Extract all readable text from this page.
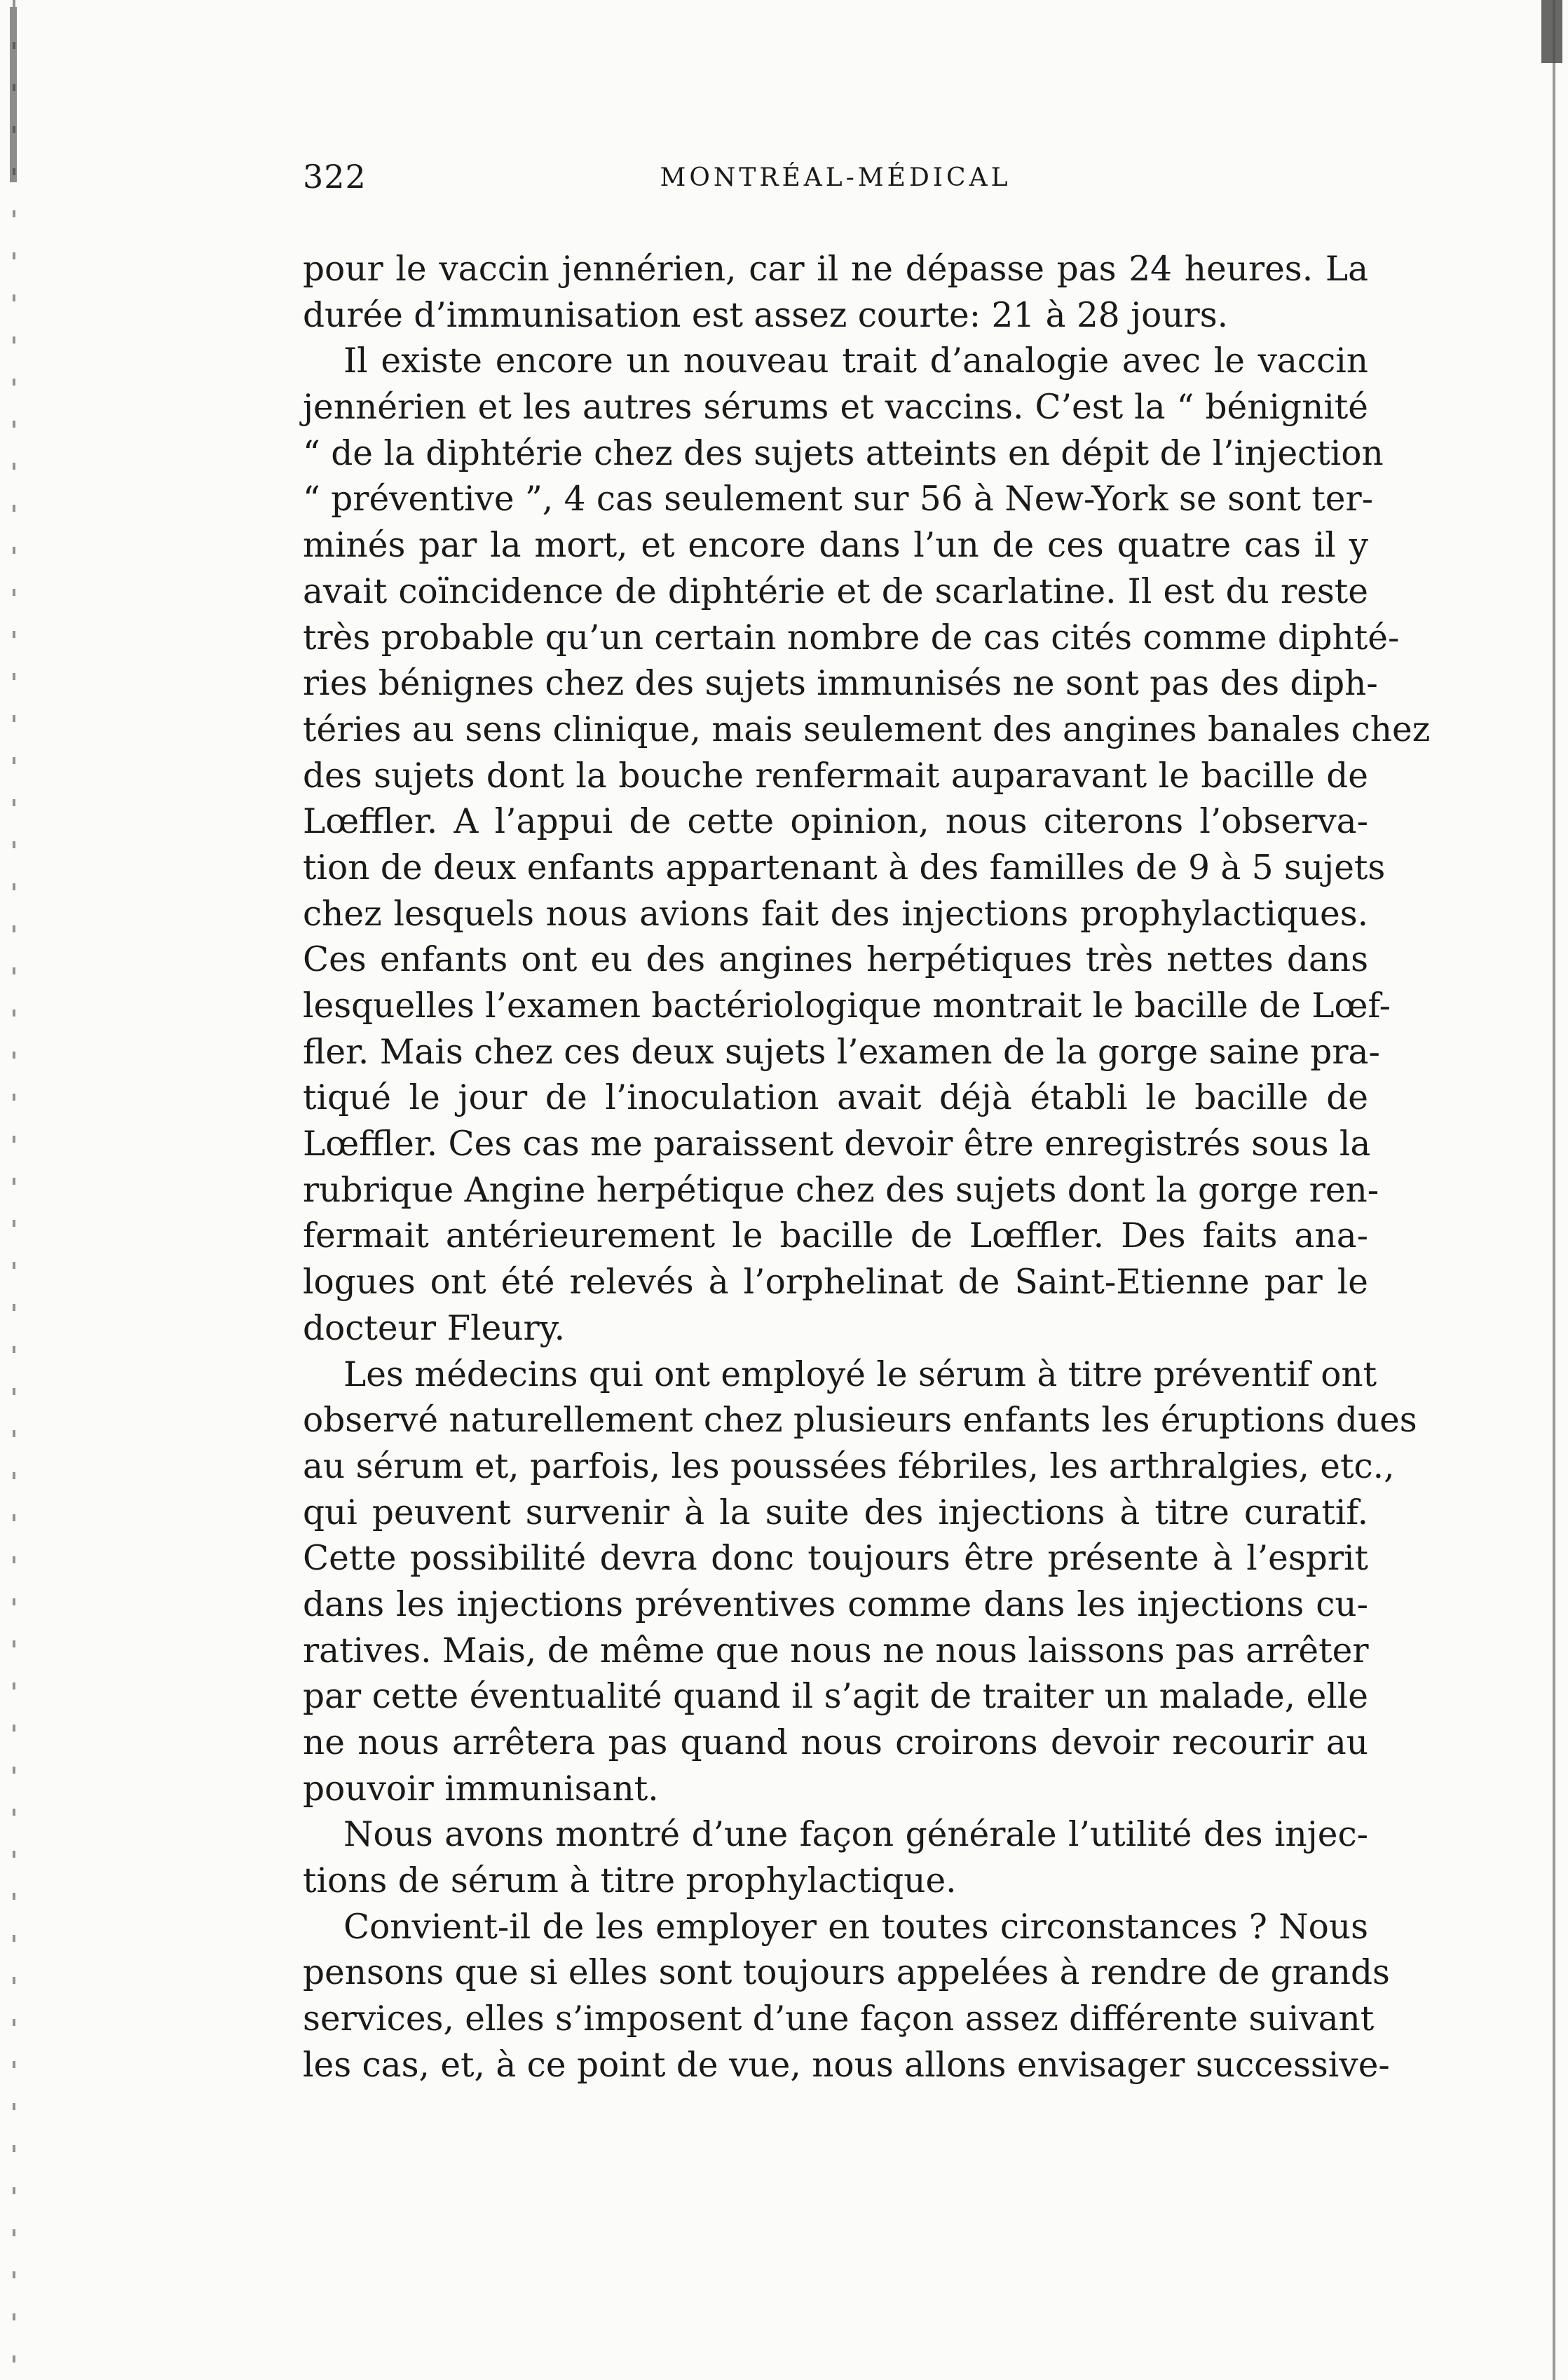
322	MONTRÉAL-MÉDICAL
pour le vaccin jennérien, car il ne dépasse pas 24 heures. La
durée d’immunisation est assez courte: 21 à 28 jours.
Il existe encore un nouveau trait d’analogie avec le vaccin
jennérien et les autres sérums et vaccins. C’est la “ bénignité
“ de la diphtérie chez des sujets atteints en dépit de l’injection
“ préventive ”, 4 cas seulement sur 56 à New-York se sont ter-
minés par la mort, et encore dans l’un de ces quatre cas il y
avait coïncidence de diphtérie et de scarlatine. Il est du reste
très probable qu’un certain nombre de cas cités comme diphté-
ries bénignes chez des sujets immunisés ne sont pas des diph-
téries au sens clinique, mais seulement des angines banales chez
des sujets dont la bouche renfermait auparavant le bacille de
Lœffler. A l’appui de cette opinion, nous citerons l’observa-
tion de deux enfants appartenant à des familles de 9 à 5 sujets
chez lesquels nous avions fait des injections prophylactiques.
Ces enfants ont eu des angines herpétiques très nettes dans
lesquelles l’examen bactériologique montrait le bacille de Lœf-
fler. Mais chez ces deux sujets l’examen de la gorge saine pra-
tiqué le jour de l’inoculation avait déjà établi le bacille de
Lœffler. Ces cas me paraissent devoir être enregistrés sous la
rubrique Angine herpétique chez des sujets dont la gorge ren-
fermait antérieurement le bacille de Lœffler. Des faits ana-
logues ont été relevés à l’orphelinat de Saint-Etienne par le
docteur Fleury.
Les médecins qui ont employé le sérum à titre préventif ont
observé naturellement chez plusieurs enfants les éruptions dues
au sérum et, parfois, les poussées fébriles, les arthralgies, etc.,
qui peuvent survenir à la suite des injections à titre curatif.
Cette possibilité devra donc toujours être présente à l’esprit
dans les injections préventives comme dans les injections cu-
ratives. Mais, de même que nous ne nous laissons pas arrêter
par cette éventualité quand il s’agit de traiter un malade, elle
ne nous arrêtera pas quand nous croirons devoir recourir au
pouvoir immunisant.
Nous avons montré d’une façon générale l’utilité des injec-
tions de sérum à titre prophylactique.
Convient-il de les employer en toutes circonstances ? Nous
pensons que si elles sont toujours appelées à rendre de grands
services, elles s’imposent d’une façon assez différente suivant
les cas, et, à ce point de vue, nous allons envisager successive-
